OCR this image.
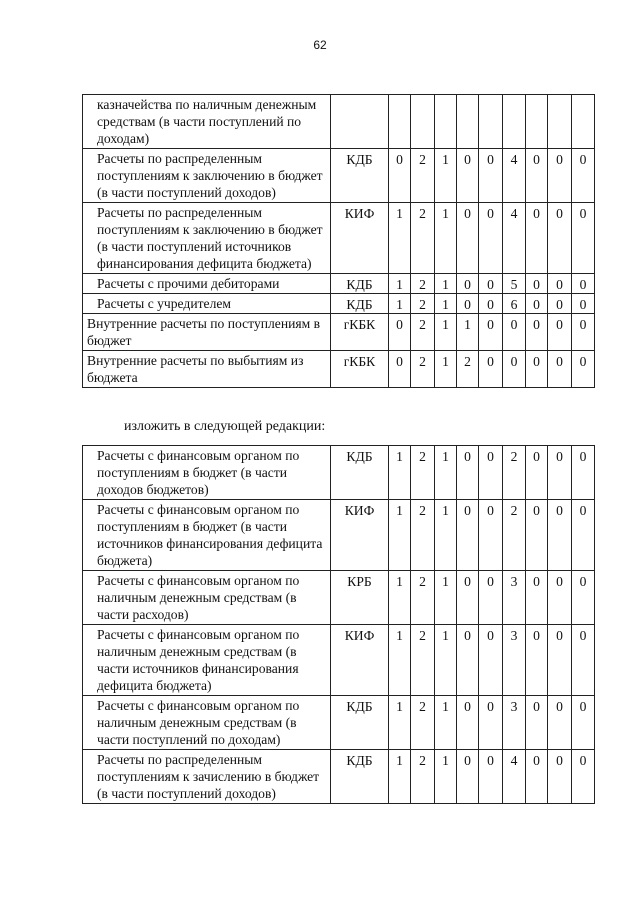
62
казначейства по наличным денежным средствам (в части поступлений по доходам)										
Расчеты по распределенным поступлениям к заключению в бюджет (в части поступлений доходов)	КДБ	0	2	1	0	0	4	0	0	0
Расчеты по распределенным поступлениям к заключению в бюджет (в части поступлений источников финансирования дефицита бюджета)	КИФ	1	2	1	0	0	4	0	0	0
Расчеты с прочими дебиторами	КДБ	1	2	1	0	0	5	0	0	0
Расчеты с учредителем	КДБ	1	2	1	0	0	6	0	0	0
Внутренние расчеты по поступлениям в бюджет	гКБК	0	2	1	1	0	0	0	0	0
Внутренние расчеты по выбытиям из бюджета	гКБК	0	2	1	2	0	0	0	0	0
изложить в следующей редакции:
Расчеты с финансовым органом по поступлениям в бюджет (в части доходов бюджетов)	КДБ	1	2	1	0	0	2	0	0	0
Расчеты с финансовым органом по поступлениям в бюджет (в части источников финансирования дефицита бюджета)	КИФ	1	2	1	0	0	2	0	0	0
Расчеты с финансовым органом по наличным денежным средствам (в части расходов)	КРБ	1	2	1	0	0	3	0	0	0
Расчеты с финансовым органом по наличным денежным средствам (в части источников финансирования дефицита бюджета)	КИФ	1	2	1	0	0	3	0	0	0
Расчеты с финансовым органом по наличным денежным средствам (в части поступлений по доходам)	КДБ	1	2	1	0	0	3	0	0	0
Расчеты по распределенным поступлениям к зачислению в бюджет (в части поступлений доходов)	КДБ	1	2	1	0	0	4	0	0	0
